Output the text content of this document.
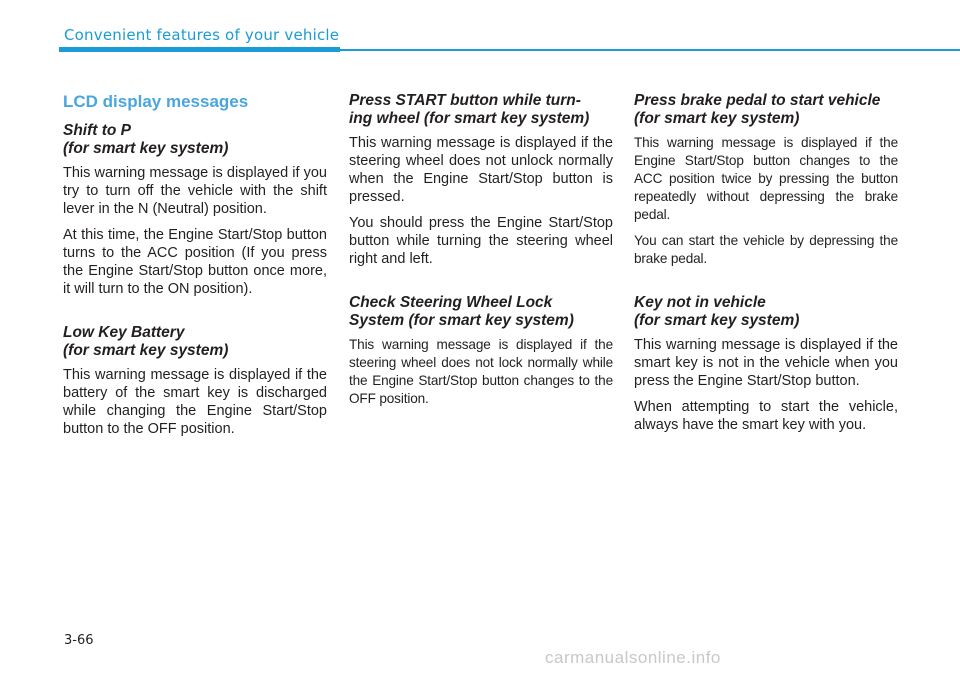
Convenient features of your vehicle
LCD display messages
Shift to P
(for smart key system)
This warning message is displayed if you try to turn off the vehicle with the shift lever in the N (Neutral) position.
At this time, the Engine Start/Stop button turns to the ACC position (If you press the Engine Start/Stop button once more, it will turn to the ON position).
Low Key Battery
(for smart key system)
This warning message is displayed if the battery of the smart key is discharged while changing the Engine Start/Stop button to the OFF position.
Press START button while turn-
ing wheel (for smart key system)
This warning message is displayed if the steering wheel does not unlock normally when the Engine Start/Stop button is pressed.
You should press the Engine Start/Stop button while turning the steering wheel right and left.
Check Steering Wheel Lock
System (for smart key system)
This warning message is displayed if the steering wheel does not lock normally while the Engine Start/Stop button changes to the OFF position.
Press brake pedal to start vehicle
(for smart key system)
This warning message is displayed if the Engine Start/Stop button changes to the ACC position twice by pressing the button repeatedly without depressing the brake pedal.
You can start the vehicle by depressing the brake pedal.
Key not in vehicle
(for smart key system)
This warning message is displayed if the smart key is not in the vehicle when you press the Engine Start/Stop button.
When attempting to start the vehicle, always have the smart key with you.
3-66
carmanualsonline.info
